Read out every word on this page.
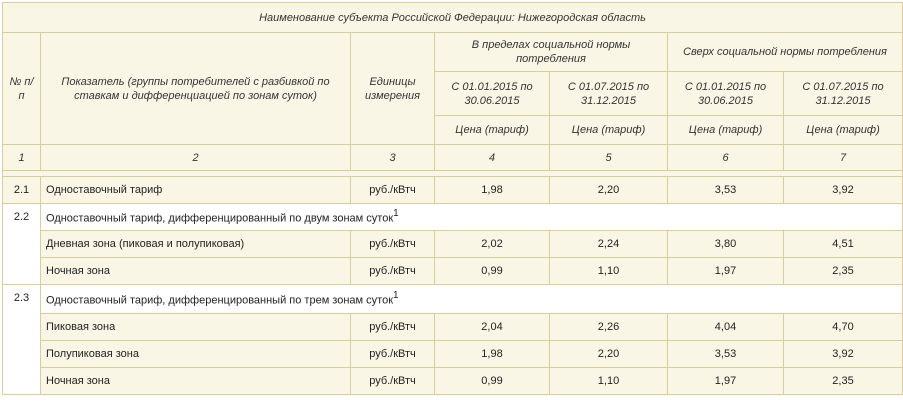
Наименование субъекта Российской Федерации: Нижегородская область						
№ п/п	Показатель (группы потребителей с разбивкой по ставкам и дифференциацией по зонам суток)	Единицы измерения	В пределах социальной нормы потребления		Сверх социальной нормы потребления	
			С 01.01.2015 по 30.06.2015	С 01.07.2015 по 31.12.2015	С 01.01.2015 по 30.06.2015	С 01.07.2015 по 31.12.2015
			Цена (тариф)	Цена (тариф)	Цена (тариф)	Цена (тариф)
1	2	3	4	5	6	7

2.1	Одноставочный тариф	руб./кВтч	1,98	2,20	3,53	3,92
2.2	Одноставочный тариф, дифференцированный по двум зонам суток$^1$
	Дневная зона (пиковая и полупиковая)	руб./кВтч	2,02	2,24	3,80	4,51
	Ночная зона	руб./кВтч	0,99	1,10	1,97	2,35
2.3	Одноставочный тариф, дифференцированный по трем зонам суток$^1$
	Пиковая зона	руб./кВтч	2,04	2,26	4,04	4,70
	Полупиковая зона	руб./кВтч	1,98	2,20	3,53	3,92
	Ночная зона	руб./кВтч	0,99	1,10	1,97	2,35
